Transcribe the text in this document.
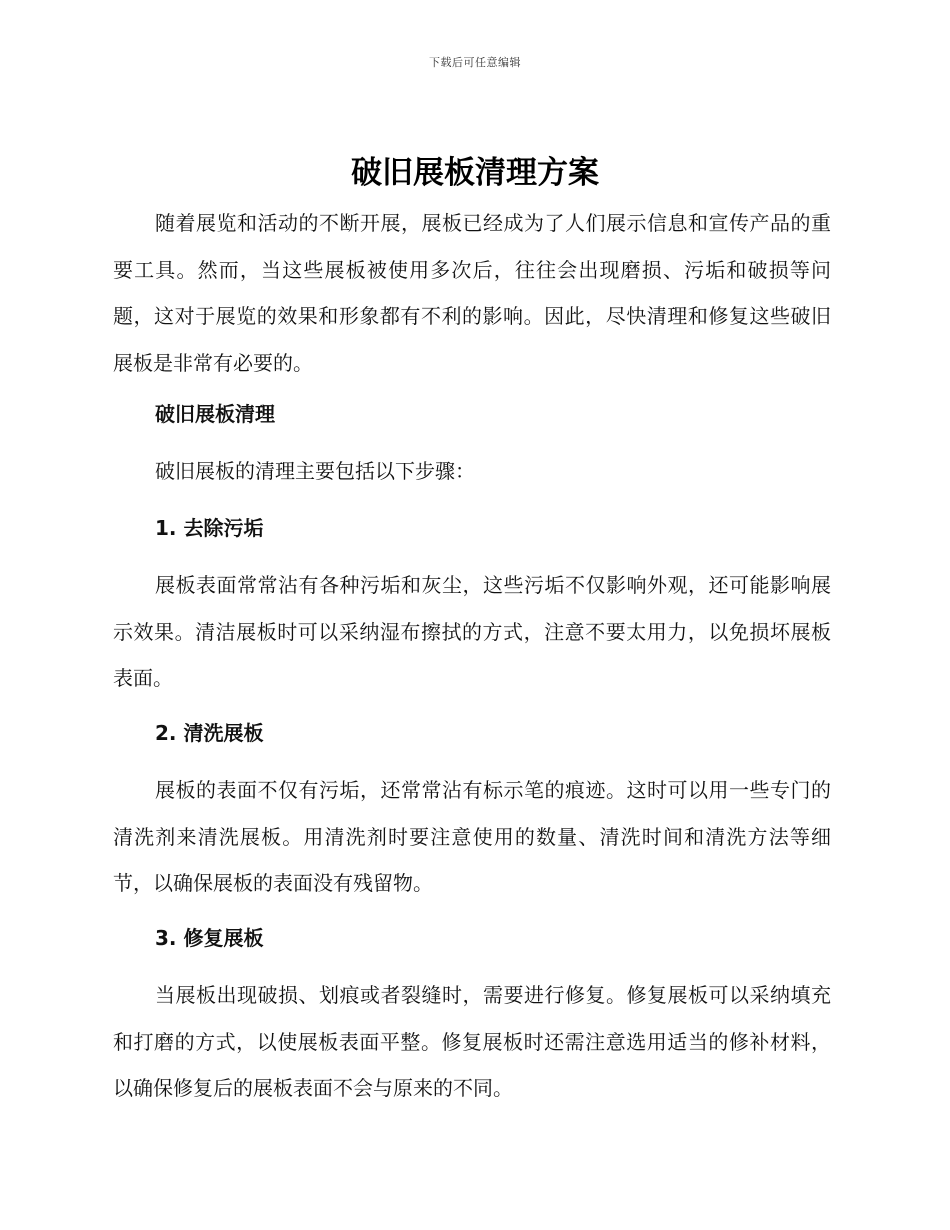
下载后可任意编辑
破旧展板清理方案

随着展览和活动的不断开展，展板已经成为了人们展示信息和宣传产品的重要工具。然而，当这些展板被使用多次后，往往会出现磨损、污垢和破损等问题，这对于展览的效果和形象都有不利的影响。因此，尽快清理和修复这些破旧展板是非常有必要的。

破旧展板清理

破旧展板的清理主要包括以下步骤：

1. 去除污垢

展板表面常常沾有各种污垢和灰尘，这些污垢不仅影响外观，还可能影响展示效果。清洁展板时可以采纳湿布擦拭的方式，注意不要太用力，以免损坏展板表面。

2. 清洗展板

展板的表面不仅有污垢，还常常沾有标示笔的痕迹。这时可以用一些专门的清洗剂来清洗展板。用清洗剂时要注意使用的数量、清洗时间和清洗方法等细节，以确保展板的表面没有残留物。

3. 修复展板

当展板出现破损、划痕或者裂缝时，需要进行修复。修复展板可以采纳填充和打磨的方式，以使展板表面平整。修复展板时还需注意选用适当的修补材料，以确保修复后的展板表面不会与原来的不同。
